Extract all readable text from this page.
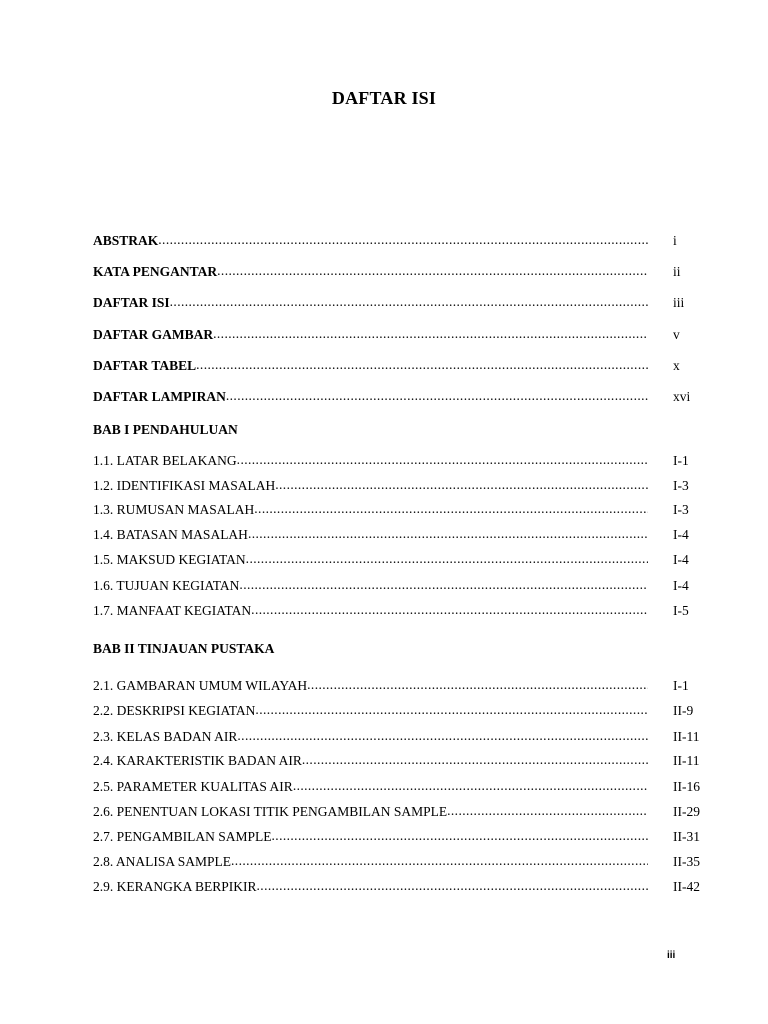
DAFTAR ISI
ABSTRAK .....	i
KATA PENGANTAR .....	ii
DAFTAR ISI .....	iii
DAFTAR GAMBAR .....	v
DAFTAR TABEL .....	x
DAFTAR LAMPIRAN .....	xvi
BAB I PENDAHULUAN
1.1. LATAR BELAKANG .....	I-1
1.2. IDENTIFIKASI MASALAH .....	I-3
1.3. RUMUSAN MASALAH .....	I-3
1.4. BATASAN MASALAH .....	I-4
1.5. MAKSUD KEGIATAN .....	I-4
1.6. TUJUAN KEGIATAN .....	I-4
1.7. MANFAAT KEGIATAN .....	I-5
BAB II TINJAUAN PUSTAKA
2.1. GAMBARAN UMUM WILAYAH .....	I-1
2.2. DESKRIPSI KEGIATAN .....	II-9
2.3. KELAS BADAN AIR .....	II-11
2.4. KARAKTERISTIK BADAN AIR .....	II-11
2.5. PARAMETER KUALITAS AIR .....	II-16
2.6. PENENTUAN LOKASI TITIK PENGAMBILAN SAMPLE .....	II-29
2.7. PENGAMBILAN SAMPLE .....	II-31
2.8. ANALISA SAMPLE .....	II-35
2.9. KERANGKA BERPIKIR .....	II-42
iii
